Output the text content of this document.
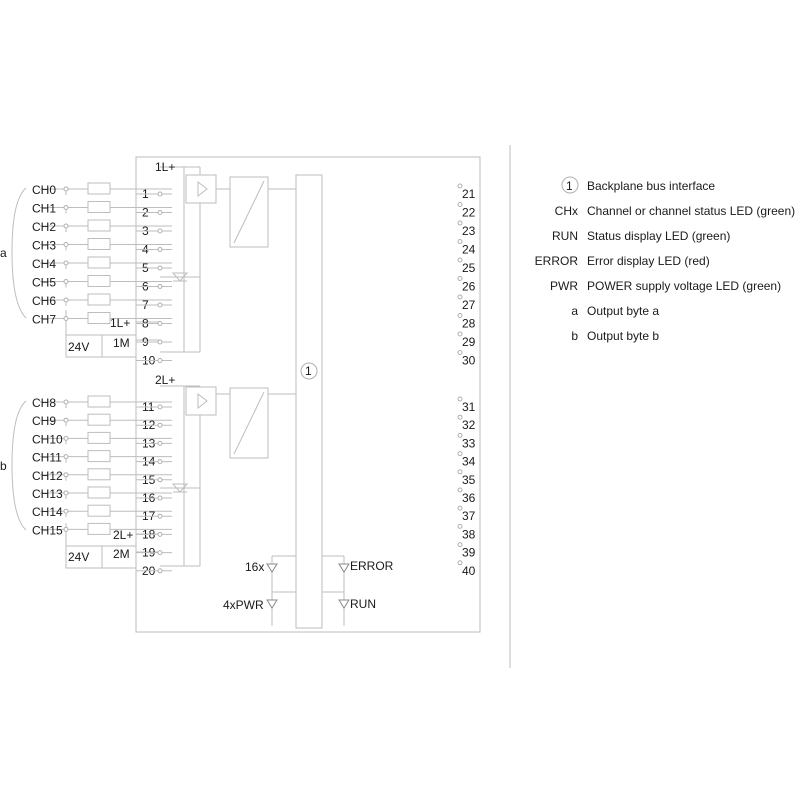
CH0
CH1
CH2
CH3
CH4
CH5
CH6
CH7
1
2
3
4
5
6
7
8
9
10
CH8
CH9
CH10
CH11
CH12
CH13
CH14
CH15
11
12
13
14
15
16
17
18
19
20
21
22
23
24
25
26
27
28
29
30
31
32
33
34
35
36
37
38
39
40
a
b
1L+
2L+
24V
24V
1L+
1M
2L+
2M
1
16x
4xPWR
ERROR
RUN
1 Backplane bus interface
CHx Channel or channel status LED (green)
RUN Status display LED (green)
ERROR Error display LED (red)
PWR POWER supply voltage LED (green)
a Output byte a
b Output byte b
